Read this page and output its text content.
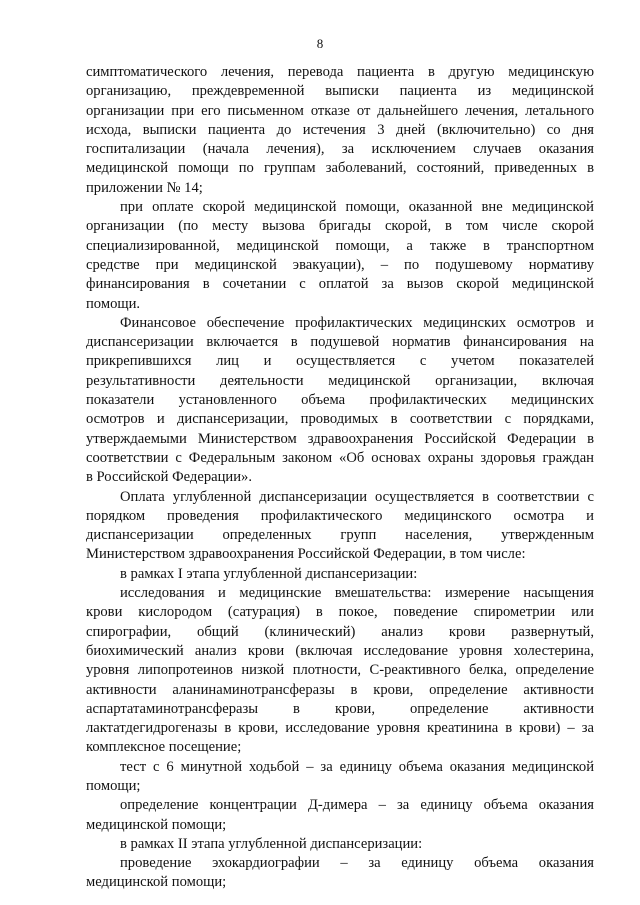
8
симптоматического лечения, перевода пациента в другую медицинскую
организацию, преждевременной выписки пациента из медицинской
организации при его письменном отказе от дальнейшего лечения, летального
исхода, выписки пациента до истечения 3 дней (включительно) со дня
госпитализации (начала лечения), за исключением случаев оказания
медицинской помощи по группам заболеваний, состояний, приведенных в
приложении № 14;
при оплате скорой медицинской помощи, оказанной вне медицинской
организации (по месту вызова бригады скорой, в том числе скорой
специализированной, медицинской помощи, а также в транспортном
средстве при медицинской эвакуации), – по подушевому нормативу
финансирования в сочетании с оплатой за вызов скорой медицинской
помощи.
Финансовое обеспечение профилактических медицинских осмотров и
диспансеризации включается в подушевой норматив финансирования на
прикрепившихся лиц и осуществляется с учетом показателей
результативности деятельности медицинской организации, включая
показатели установленного объема профилактических медицинских
осмотров и диспансеризации, проводимых в соответствии с порядками,
утверждаемыми Министерством здравоохранения Российской Федерации в
соответствии с Федеральным законом «Об основах охраны здоровья граждан
в Российской Федерации».
Оплата углубленной диспансеризации осуществляется в соответствии с
порядком проведения профилактического медицинского осмотра и
диспансеризации определенных групп населения, утвержденным
Министерством здравоохранения Российской Федерации, в том числе:
в рамках I этапа углубленной диспансеризации:
исследования и медицинские вмешательства: измерение насыщения
крови кислородом (сатурация) в покое, поведение спирометрии или
спирографии, общий (клинический) анализ крови развернутый,
биохимический анализ крови (включая исследование уровня холестерина,
уровня липопротеинов низкой плотности, С-реактивного белка, определение
активности аланинаминотрансферазы в крови, определение активности
аспартатаминотрансферазы в крови, определение активности
лактатдегидрогеназы в крови, исследование уровня креатинина в крови) – за
комплексное посещение;
тест с 6 минутной ходьбой – за единицу объема оказания медицинской
помощи;
определение концентрации Д-димера – за единицу объема оказания
медицинской помощи;
в рамках II этапа углубленной диспансеризации:
проведение эхокардиографии – за единицу объема оказания
медицинской помощи;
